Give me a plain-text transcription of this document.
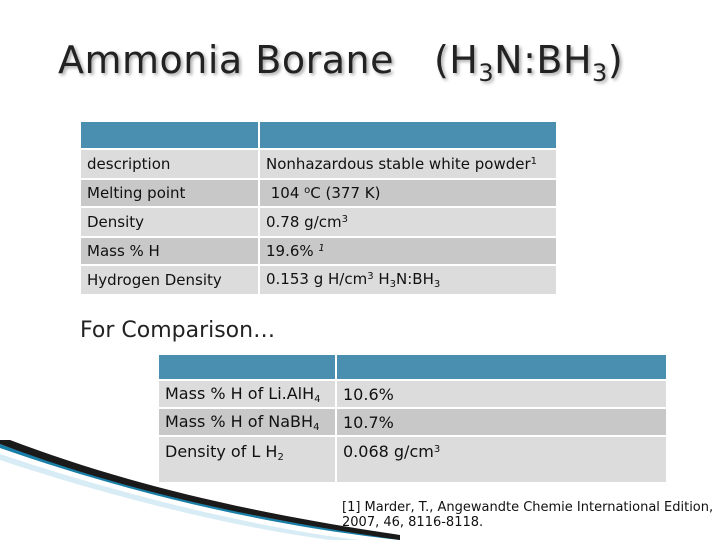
Ammonia Borane $(H_3N:BH_3)$

description	Nonhazardous stable white powder$^1$
Melting point	104 $^o$C (377 K)
Density	0.78 $g/cm^3$
Mass % H	19.6% $^1$
Hydrogen Density	0.153 g $H/cm^3$ $H_3N:BH_3$
For Comparison…

Mass % H of Li.AlH$_4$	10.6%
Mass % H of NaBH$_4$	10.7%
Density of L $H_2$	0.068 $g/cm^3$
[1] Marder, T., Angewandte Chemie International Edition, 2007, 46, 8116-8118.
